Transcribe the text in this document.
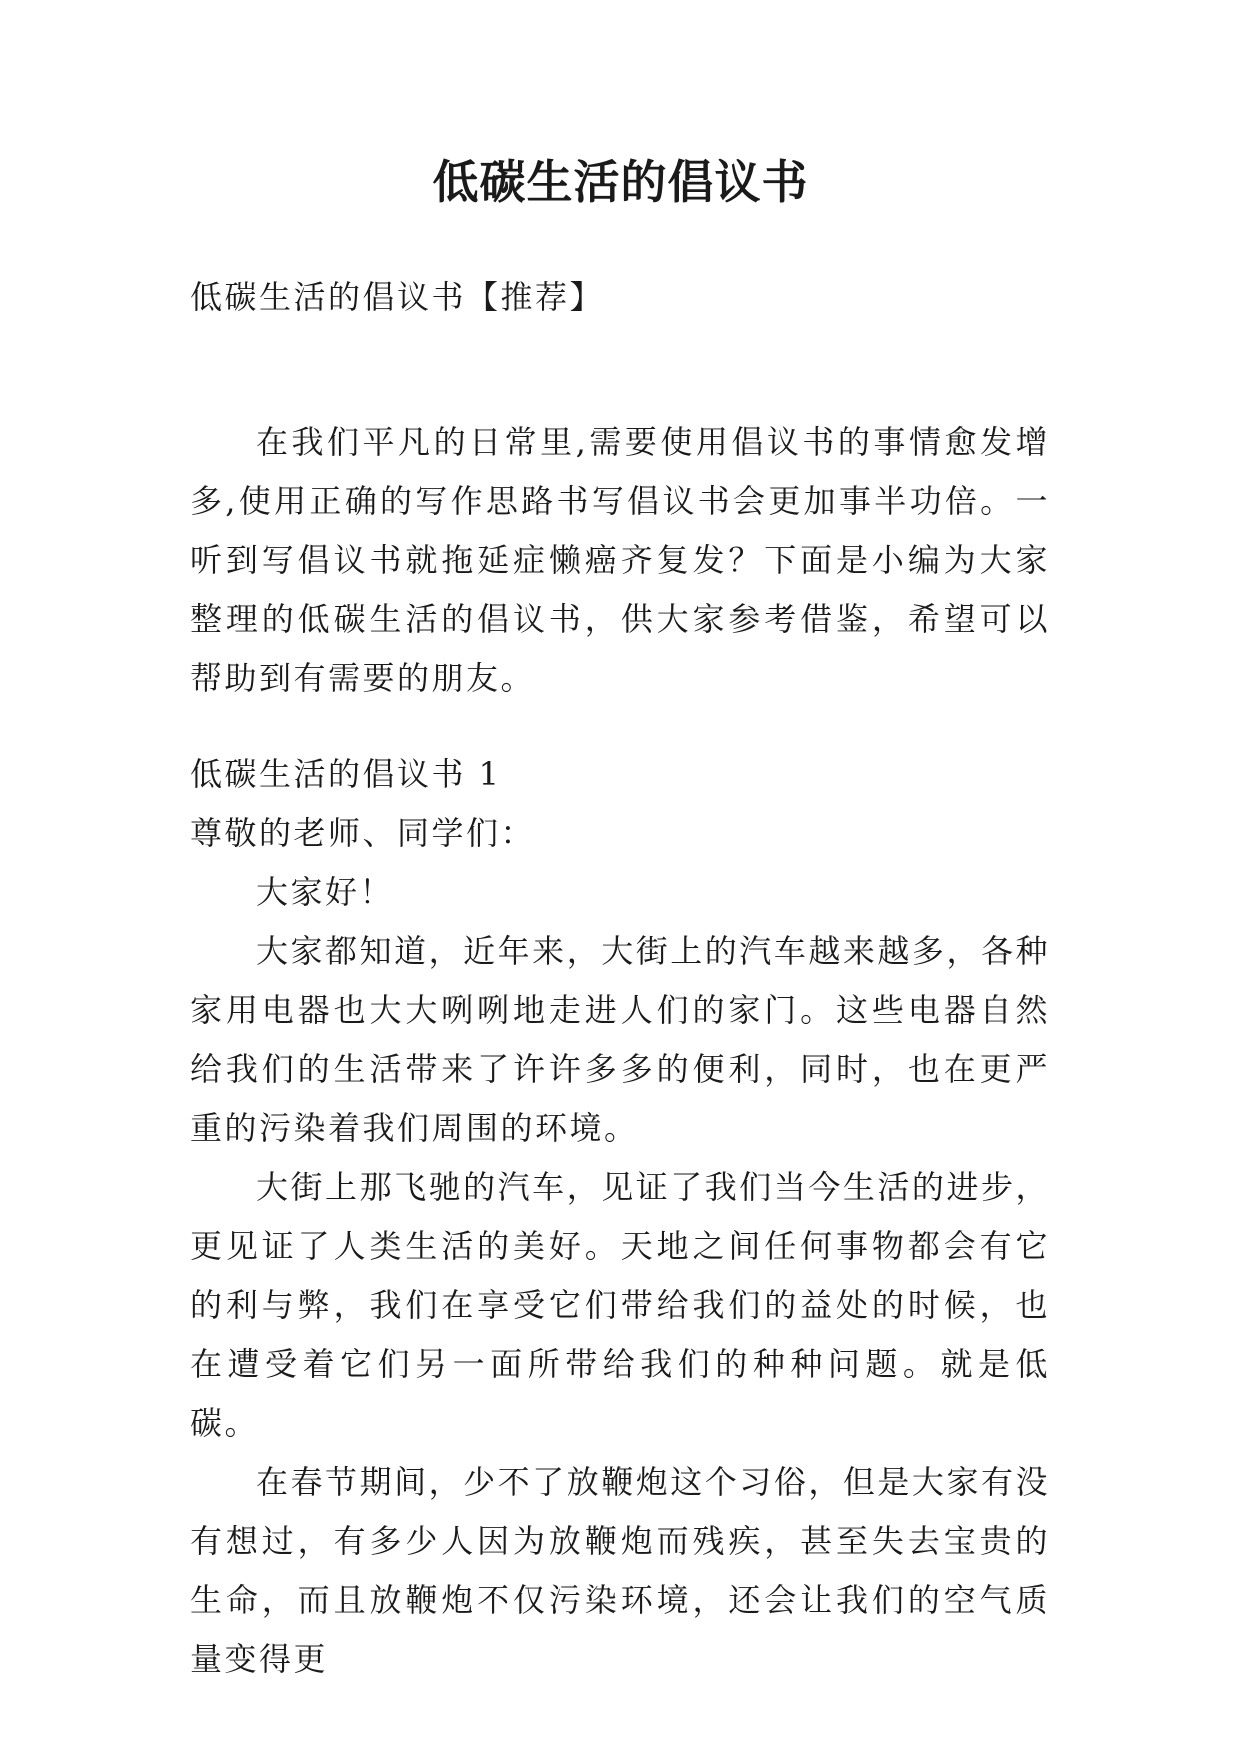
低碳生活的倡议书

低碳生活的倡议书【推荐】

在我们平凡的日常里,需要使用倡议书的事情愈发增多,使用正确的写作思路书写倡议书会更加事半功倍。一听到写倡议书就拖延症懒癌齐复发？下面是小编为大家整理的低碳生活的倡议书，供大家参考借鉴，希望可以帮助到有需要的朋友。

低碳生活的倡议书 1

尊敬的老师、同学们：

大家好！

大家都知道，近年来，大街上的汽车越来越多，各种家用电器也大大咧咧地走进人们的家门。这些电器自然给我们的生活带来了许许多多的便利，同时，也在更严重的污染着我们周围的环境。

大街上那飞驰的汽车，见证了我们当今生活的进步，更见证了人类生活的美好。天地之间任何事物都会有它的利与弊，我们在享受它们带给我们的益处的时候，也在遭受着它们另一面所带给我们的种种问题。就是低碳。

在春节期间，少不了放鞭炮这个习俗，但是大家有没有想过，有多少人因为放鞭炮而残疾，甚至失去宝贵的生命，而且放鞭炮不仅污染环境，还会让我们的空气质量变得更
